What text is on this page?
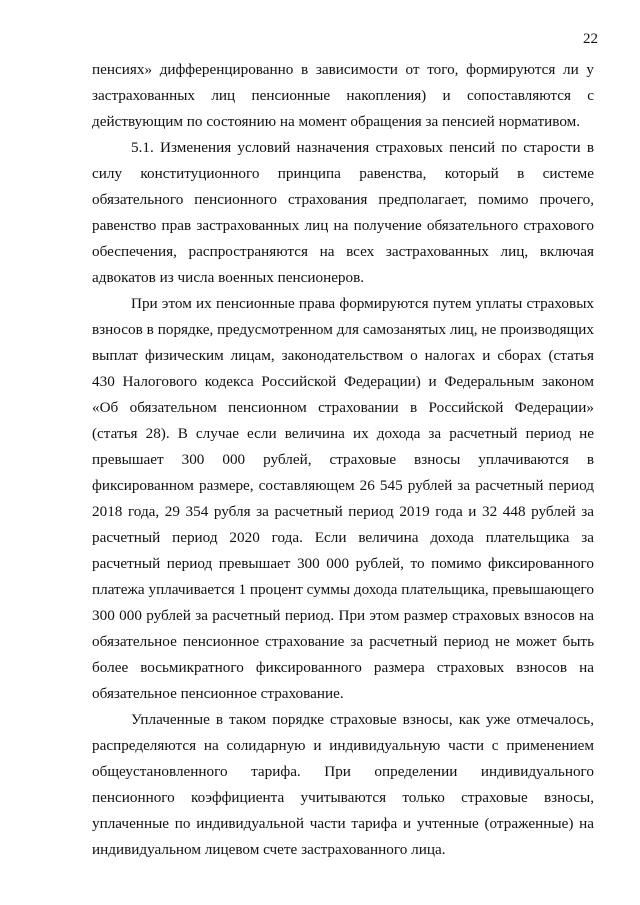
22

пенсиях» дифференцированно в зависимости от того, формируются ли у застрахованных лиц пенсионные накопления) и сопоставляются с действующим по состоянию на момент обращения за пенсией нормативом.

5.1. Изменения условий назначения страховых пенсий по старости в силу конституционного принципа равенства, который в системе обязательного пенсионного страхования предполагает, помимо прочего, равенство прав застрахованных лиц на получение обязательного страхового обеспечения, распространяются на всех застрахованных лиц, включая адвокатов из числа военных пенсионеров.

При этом их пенсионные права формируются путем уплаты страховых взносов в порядке, предусмотренном для самозанятых лиц, не производящих выплат физическим лицам, законодательством о налогах и сборах (статья 430 Налогового кодекса Российской Федерации) и Федеральным законом «Об обязательном пенсионном страховании в Российской Федерации» (статья 28). В случае если величина их дохода за расчетный период не превышает 300 000 рублей, страховые взносы уплачиваются в фиксированном размере, составляющем 26 545 рублей за расчетный период 2018 года, 29 354 рубля за расчетный период 2019 года и 32 448 рублей за расчетный период 2020 года. Если величина дохода плательщика за расчетный период превышает 300 000 рублей, то помимо фиксированного платежа уплачивается 1 процент суммы дохода плательщика, превышающего 300 000 рублей за расчетный период. При этом размер страховых взносов на обязательное пенсионное страхование за расчетный период не может быть более восьмикратного фиксированного размера страховых взносов на обязательное пенсионное страхование.

Уплаченные в таком порядке страховые взносы, как уже отмечалось, распределяются на солидарную и индивидуальную части с применением общеустановленного тарифа. При определении индивидуального пенсионного коэффициента учитываются только страховые взносы, уплаченные по индивидуальной части тарифа и учтенные (отраженные) на индивидуальном лицевом счете застрахованного лица.
